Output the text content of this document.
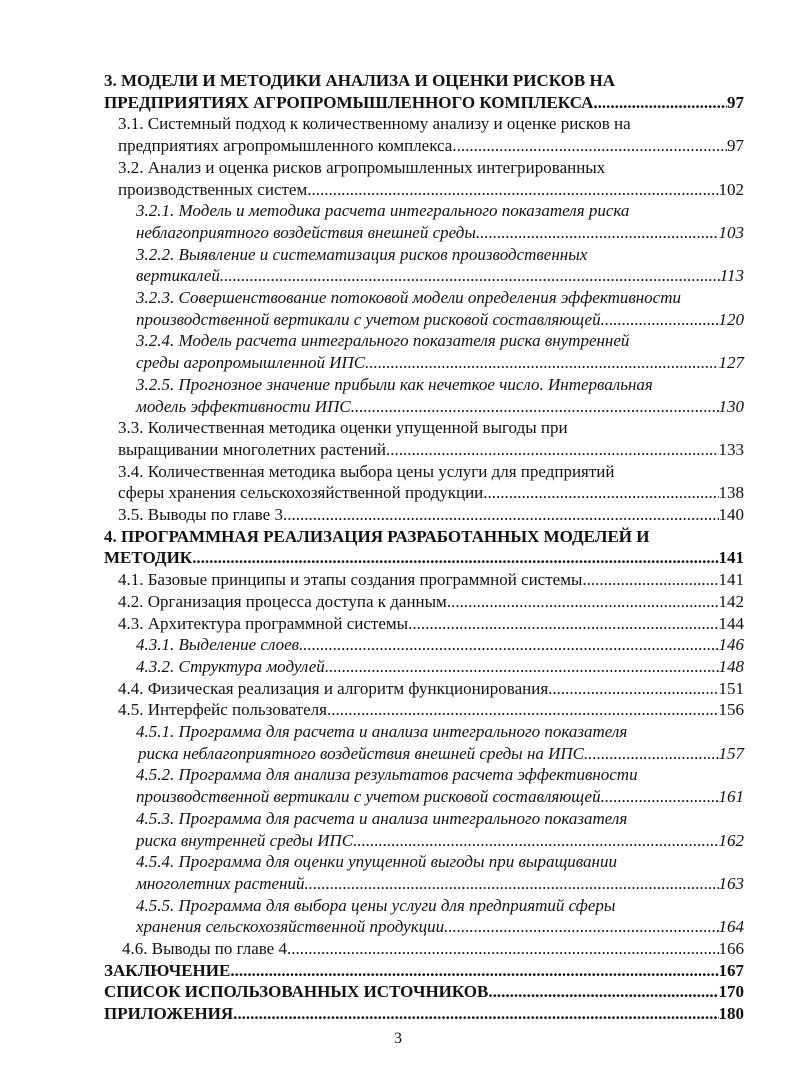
3. МОДЕЛИ И МЕТОДИКИ АНАЛИЗА И ОЦЕНКИ РИСКОВ НА
ПРЕДПРИЯТИЯХ АГРОПРОМЫШЛЕННОГО КОМПЛЕКСА .....	97
3.1. Системный подход к количественному анализу и оценке рисков на
предприятиях агропромышленного комплекса .....	97
3.2. Анализ и оценка рисков агропромышленных интегрированных
производственных систем .....	102
3.2.1. Модель и методика расчета интегрального показателя риска
неблагоприятного воздействия внешней среды .....	103
3.2.2. Выявление и систематизация рисков производственных
вертикалей .....	113
3.2.3. Совершенствование потоковой модели определения эффективности
производственной вертикали с учетом рисковой составляющей .....	120
3.2.4. Модель расчета интегрального показателя риска внутренней
среды агропромышленной ИПС .....	127
3.2.5. Прогнозное значение прибыли как нечеткое число. Интервальная
модель эффективности ИПС .....	130
3.3. Количественная методика оценки упущенной выгоды при
выращивании многолетних растений .....	133
3.4. Количественная методика выбора цены услуги для предприятий
сферы хранения сельскохозяйственной продукции .....	138
3.5. Выводы по главе 3 .....	140
4. ПРОГРАММНАЯ РЕАЛИЗАЦИЯ РАЗРАБОТАННЫХ МОДЕЛЕЙ И
МЕТОДИК .....	141
4.1. Базовые принципы и этапы создания программной системы .....	141
4.2. Организация процесса доступа к данным .....	142
4.3. Архитектура программной системы .....	144
4.3.1. Выделение слоев .....	146
4.3.2. Структура модулей .....	148
4.4. Физическая реализация и алгоритм функционирования .....	151
4.5. Интерфейс пользователя .....	156
4.5.1. Программа для расчета и анализа интегрального показателя
риска неблагоприятного воздействия внешней среды на ИПС .....	157
4.5.2. Программа для анализа результатов расчета эффективности
производственной вертикали с учетом рисковой составляющей .....	161
4.5.3. Программа для расчета и анализа интегрального показателя
риска внутренней среды ИПС .....	162
4.5.4. Программа для оценки упущенной выгоды при выращивании
многолетних растений .....	163
4.5.5. Программа для выбора цены услуги для предприятий сферы
хранения сельскохозяйственной продукции .....	164
4.6. Выводы по главе 4 .....	166
ЗАКЛЮЧЕНИЕ .....	167
СПИСОК ИСПОЛЬЗОВАННЫХ ИСТОЧНИКОВ .....	170
ПРИЛОЖЕНИЯ .....	180
3
